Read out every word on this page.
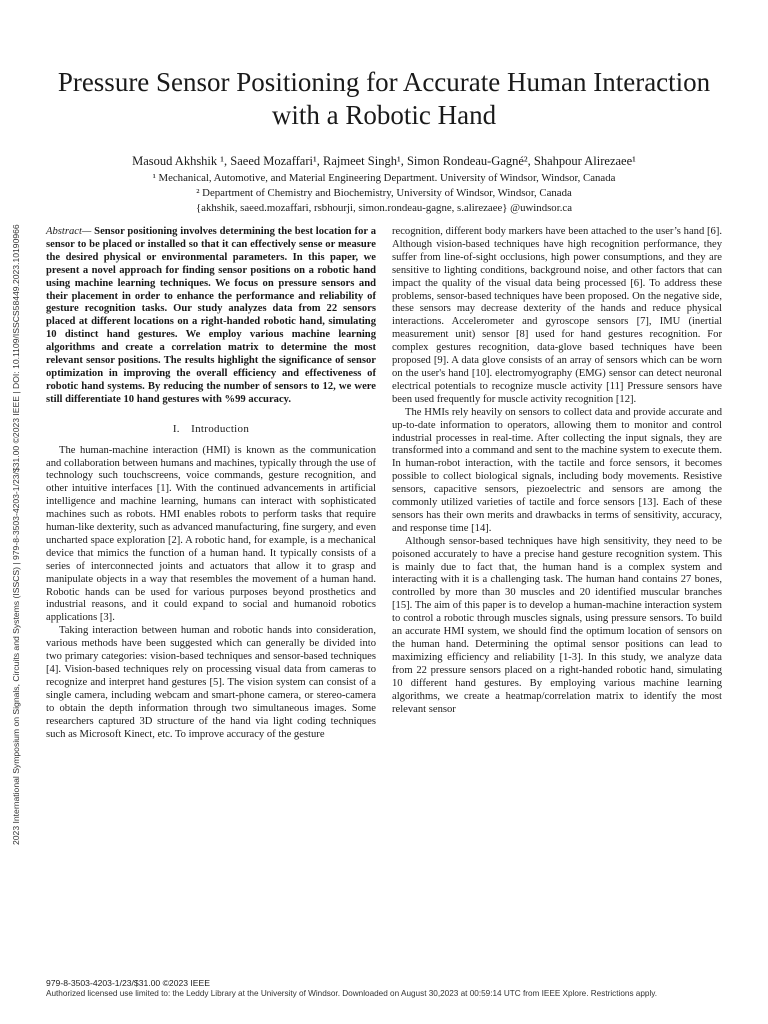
Pressure Sensor Positioning for Accurate Human Interaction with a Robotic Hand
Masoud Akhshik ¹, Saeed Mozaffari¹, Rajmeet Singh¹, Simon Rondeau-Gagné², Shahpour Alirezaee¹
¹ Mechanical, Automotive, and Material Engineering Department. University of Windsor, Windsor, Canada
² Department of Chemistry and Biochemistry, University of Windsor, Windsor, Canada
{akhshik, saeed.mozaffari, rsbhourji, simon.rondeau-gagne, s.alirezaee} @uwindsor.ca
2023 International Symposium on Signals, Circuits and Systems (ISSCS) | 979-8-3503-4203-1/23/$31.00 ©2023 IEEE | DOI: 10.1109/ISSCS58449.2023.10190966 Abstract— Sensor positioning involves determining the best location for a sensor to be placed or installed so that it can effectively sense or measure the desired physical or environmental parameters. In this paper, we present a novel approach for finding sensor positions on a robotic hand using machine learning techniques. We focus on pressure sensors and their placement in order to enhance the performance and reliability of gesture recognition tasks. Our study analyzes data from 22 sensors placed at different locations on a right-handed robotic hand, simulating 10 distinct hand gestures. We employ various machine learning algorithms and create a correlation matrix to determine the most relevant sensor positions. The results highlight the significance of sensor optimization in improving the overall efficiency and effectiveness of robotic hand systems. By reducing the number of sensors to 12, we were still differentiate 10 hand gestures with %99 accuracy.

I. Introduction

The human-machine interaction (HMI) is known as the communication and collaboration between humans and machines, typically through the use of technology such touchscreens, voice commands, gesture recognition, and other intuitive interfaces [1]. With the continued advancements in artificial intelligence and machine learning, humans can interact with sophisticated machines such as robots. HMI enables robots to perform tasks that require human-like dexterity, such as advanced manufacturing, fine surgery, and even uncharted space exploration [2]. A robotic hand, for example, is a mechanical device that mimics the function of a human hand. It typically consists of a series of interconnected joints and actuators that allow it to grasp and manipulate objects in a way that resembles the movement of a human hand. Robotic hands can be used for various purposes beyond prosthetics and industrial reasons, and it could expand to social and humanoid robotics applications [3].

Taking interaction between human and robotic hands into consideration, various methods have been suggested which can generally be divided into two primary categories: vision-based techniques and sensor-based techniques [4]. Vision-based techniques rely on processing visual data from cameras to recognize and interpret hand gestures [5]. The vision system can consist of a single camera, including webcam and smart-phone camera, or stereo-camera to obtain the depth information through two simultaneous images. Some researchers captured 3D structure of the hand via light coding techniques such as Microsoft Kinect, etc. To improve accuracy of the gesture

recognition, different body markers have been attached to the user’s hand [6]. Although vision-based techniques have high recognition performance, they suffer from line-of-sight occlusions, high power consumptions, and they are sensitive to lighting conditions, background noise, and other factors that can impact the quality of the visual data being processed [6]. To address these problems, sensor-based techniques have been proposed. On the negative side, these sensors may decrease dexterity of the hands and reduce physical interactions. Accelerometer and gyroscope sensors [7], IMU (inertial measurement unit) sensor [8] used for hand gestures recognition. For complex gestures recognition, data-glove based techniques have been proposed [9]. A data glove consists of an array of sensors which can be worn on the user's hand [10]. electromyography (EMG) sensor can detect neuronal electrical potentials to recognize muscle activity [11] Pressure sensors have been used frequently for muscle activity recognition [12].

The HMIs rely heavily on sensors to collect data and provide accurate and up-to-date information to operators, allowing them to monitor and control industrial processes in real-time. After collecting the input signals, they are transformed into a command and sent to the machine system to execute them. In human-robot interaction, with the tactile and force sensors, it becomes possible to collect biological signals, including body movements. Resistive sensors, capacitive sensors, piezoelectric and sensors are among the commonly utilized varieties of tactile and force sensors [13]. Each of these sensors has their own merits and drawbacks in terms of sensitivity, accuracy, and response time [14].

Although sensor-based techniques have high sensitivity, they need to be poisoned accurately to have a precise hand gesture recognition system. This is mainly due to fact that, the human hand is a complex system and interacting with it is a challenging task. The human hand contains 27 bones, controlled by more than 30 muscles and 20 identified muscular branches [15]. The aim of this paper is to develop a human-machine interaction system to control a robotic through muscles signals, using pressure sensors. To build an accurate HMI system, we should find the optimum location of sensors on the human hand. Determining the optimal sensor positions can lead to maximizing efficiency and reliability [1-3]. In this study, we analyze data from 22 pressure sensors placed on a right-handed robotic hand, simulating 10 different hand gestures. By employing various machine learning algorithms, we create a heatmap/correlation matrix to identify the most relevant sensor

979-8-3503-4203-1/23/$31.00 ©2023 IEEE
Authorized licensed use limited to: the Leddy Library at the University of Windsor. Downloaded on August 30,2023 at 00:59:14 UTC from IEEE Xplore. Restrictions apply.
